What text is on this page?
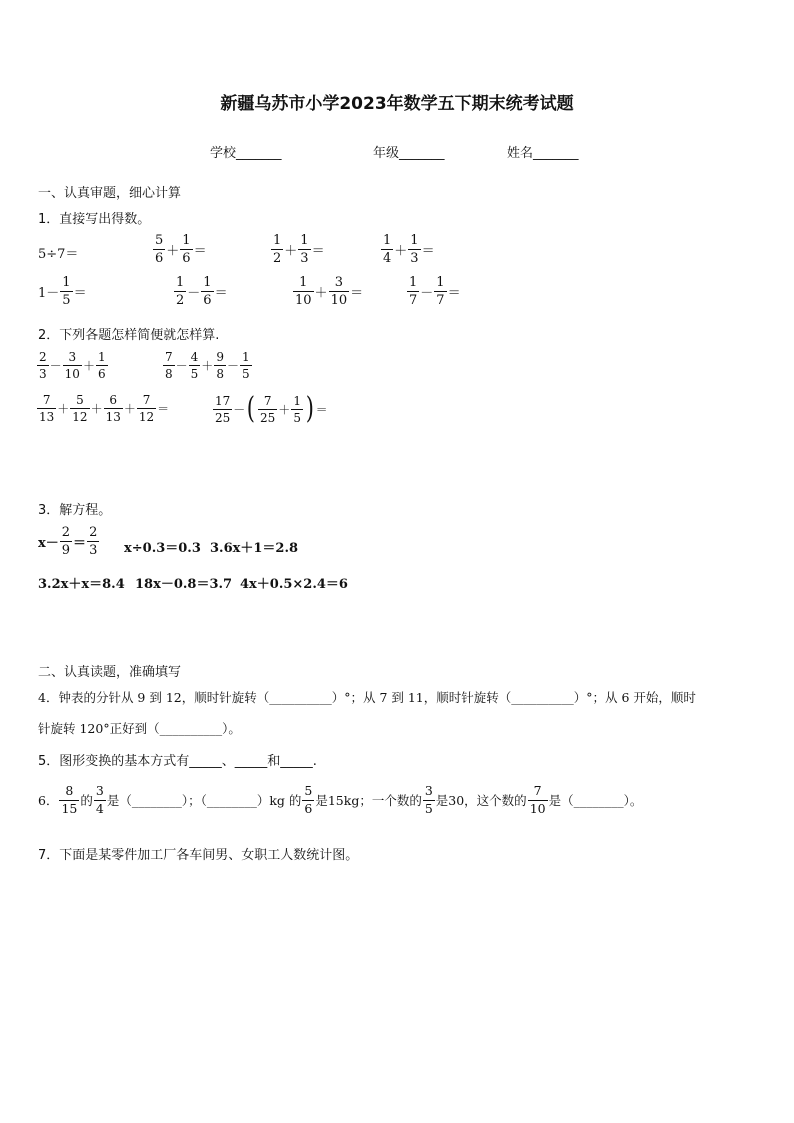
新疆乌苏市小学2023年数学五下期末统考试题
学校_______	年级_______	姓名_______
一、认真审题，细心计算
1．直接写出得数。
5÷7＝	$\frac{5}{6} + \frac{1}{6}$ ＝	$\frac{1}{2} + \frac{1}{3}$ ＝	$\frac{1}{4} + \frac{1}{3}$ ＝
$1- \frac{1}{5}$ ＝	$\frac{1}{2} - \frac{1}{6}$ ＝	$\frac{1}{10} + \frac{3}{10}$ ＝	$\frac{1}{7} - \frac{1}{7}$ ＝
2．下列各题怎样简便就怎样算.
$\frac{2}{3} - \frac{3}{10} + \frac{1}{6}$	$\frac{7}{8} - \frac{4}{5} + \frac{9}{8} - \frac{1}{5}$
$\frac{7}{13} + \frac{5}{12} + \frac{6}{13} + \frac{7}{12}$ ＝	$\frac{17}{25}$ － ( $\frac{7}{25} + \frac{1}{5}$ ) ＝
3．解方程。
$x- \frac{2}{9} = \frac{2}{3} x\div 0.3=0.3$ 3.6x＋1＝2.8
3.2x＋x＝8.4 18x－0.8＝3.7 4x＋0.5×2.4＝6
二、认真读题，准确填写
4．钟表的分针从 9 到 12，顺时针旋转（__________）°；从 7 到 11，顺时针旋转（__________）°；从 6 开始，顺时
针旋转 120°正好到（__________）。
5．图形变换的基本方式有_____、_____和_____.
6． $\frac{8}{15}$ 的 $\frac{3}{4}$ 是（________）；（________）kg 的 $\frac{5}{6}$ 是15kg；一个数的 $\frac{3}{5}$ 是30，这个数的 $\frac{7}{10}$ 是（________）。
7．下面是某零件加工厂各车间男、女职工人数统计图。
